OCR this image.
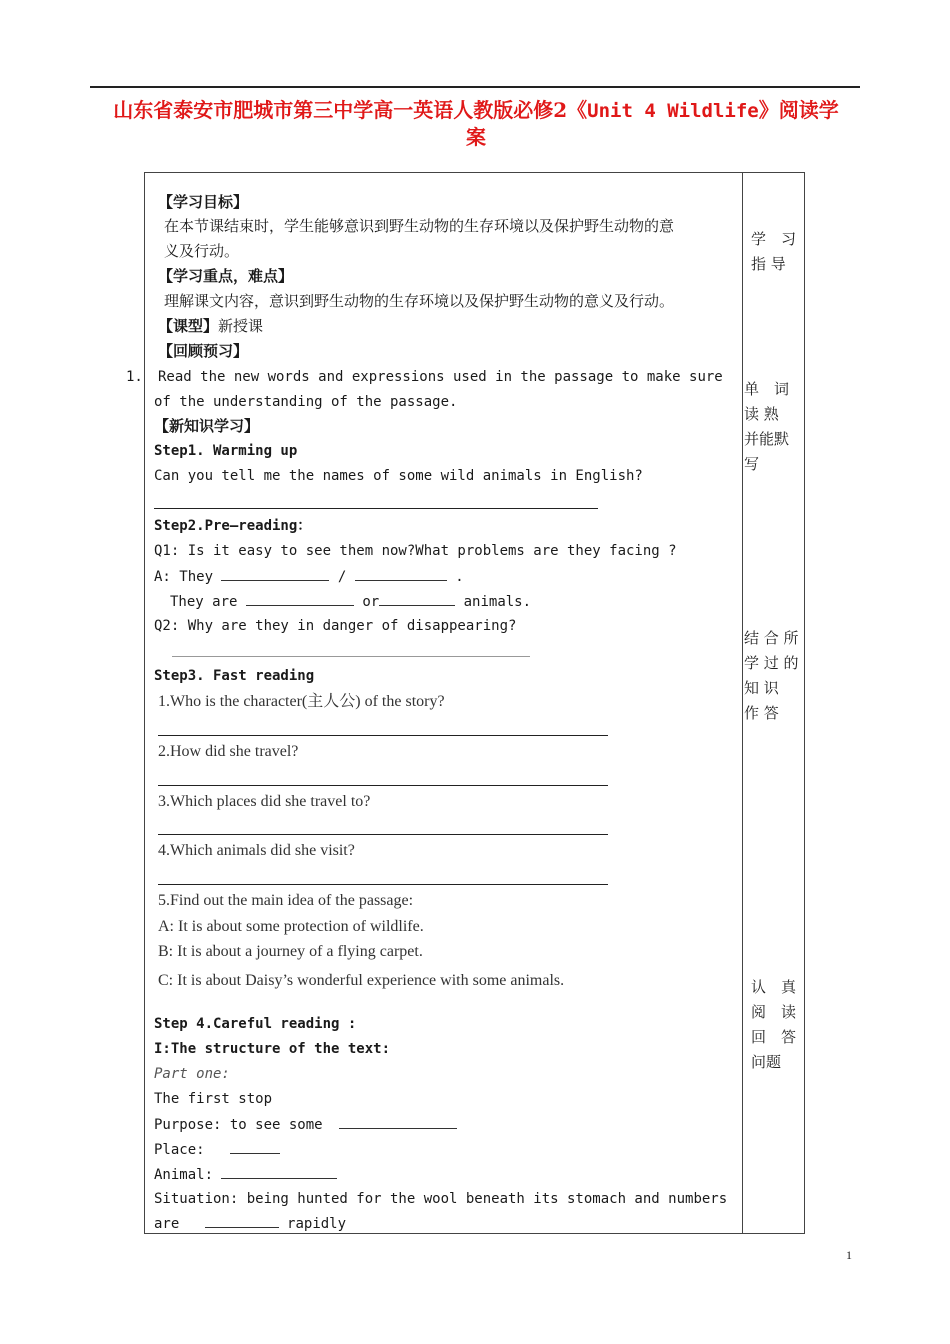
山东省泰安市肥城市第三中学高一英语人教版必修2《Unit 4 Wildlife》阅读学
案
【学习目标】
在本节课结束时，学生能够意识到野生动物的生存环境以及保护野生动物的意
义及行动。
【学习重点，难点】
理解课文内容，意识到野生动物的生存环境以及保护野生动物的意义及行动。
【课型】新授课
【回顾预习】
1. Read the new words and expressions used in the passage to make sure
of the understanding of the passage.
【新知识学习】
Step1. Warming up
Can you tell me the names of some wild animals in English?
Step2.Pre—reading：
Q1: Is it easy to see them now?What problems are they facing ?
A: They	/	.
They are	or	animals.
Q2: Why are they in danger of disappearing?
Step3. Fast reading
1.Who is the character(主人公) of the story?
2.How did she travel?
3.Which places did she travel to?
4.Which animals did she visit?
5.Find out the main idea of the passage:
A: It is about some protection of wildlife.
B: It is about a journey of a flying carpet.
C: It is about Daisy’s wonderful experience with some animals.
Step 4.Careful reading :
I:The structure of the text:
Part one:
The first stop
Purpose: to see some
Place:
Animal:
Situation: being hunted for the wool beneath its stomach and numbers
are	rapidly
学　习
指 导
单　词
读 熟
并能默
写
结 合 所
学 过 的
知 识
作 答
认　真
阅　读
回　答
问题
1
